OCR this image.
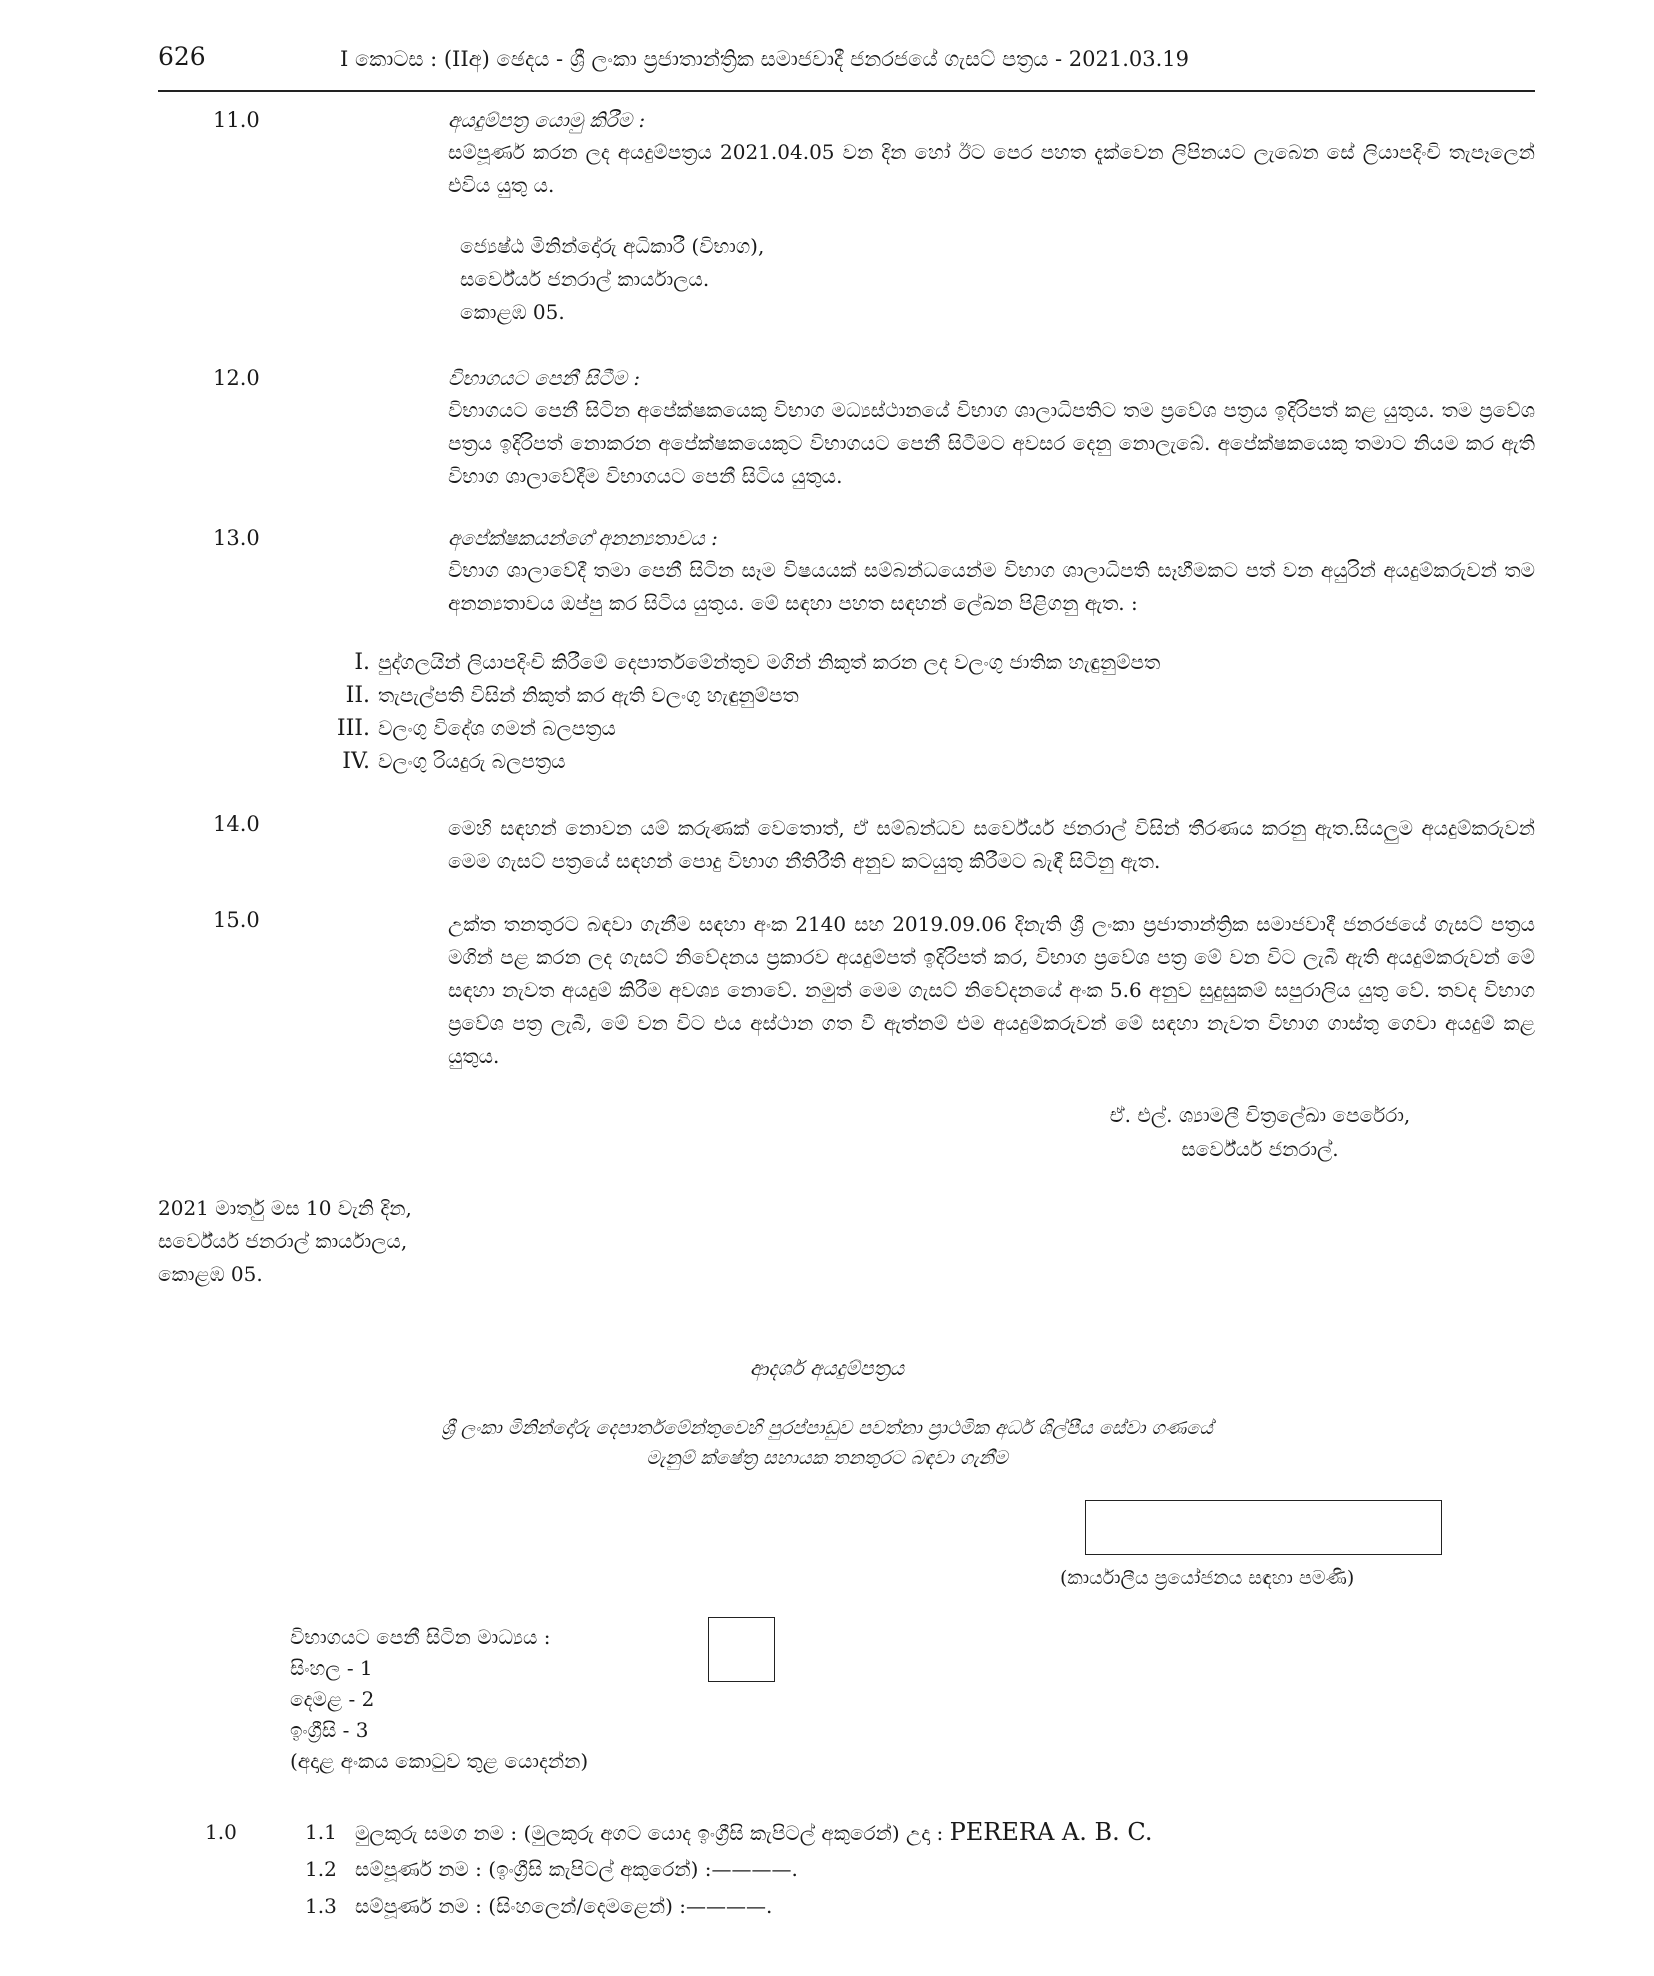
626	I කොටස : (IIඅ) ඡෙදය - ශ්‍රී ලංකා ප්‍රජාතාන්ත්‍රික සමාජවාදී ජනරජයේ ගැසට් පත්‍රය - 2021.03.19
11.0	අයදුම්පත්‍ර යොමු කිරීම :
සම්පූර්ණ කරන ලද අයදුම්පත්‍රය 2021.04.05 වන දින හෝ ඊට පෙර පහත දැක්වෙන ලිපිනයට ලැබෙන සේ ලියාපදිංචි තැපෑලෙන් එවිය යුතු ය.
ජ්‍යෙෂ්ඨ මිනින්දෝරු අධිකාරී (විභාග),
සර්වේයර් ජනරාල් කාර්යාලය.
කොළඹ 05.
12.0	විභාගයට පෙනී සිටීම :
විභාගයට පෙනී සිටින අපේක්ෂකයෙකු විභාග මධ්‍යස්ථානයේ විභාග ශාලාධිපතිට තම ප්‍රවේශ පත්‍රය ඉදිරිපත් කළ යුතුය. තම ප්‍රවේශ පත්‍රය ඉදිරිපත් නොකරන අපේක්ෂකයෙකුට විභාගයට පෙනී සිටීමට අවසර දෙනු නොලැබේ. අපේක්ෂකයෙකු තමාට නියම කර ඇති විභාග ශාලාවේදීම විභාගයට පෙනී සිටිය යුතුය.
13.0	අපේක්ෂකයන්ගේ අනන්‍යතාවය :
විභාග ශාලාවේදී තමා පෙනී සිටින සෑම විෂයයක් සම්බන්ධයෙන්ම විභාග ශාලාධිපති සෑහීමකට පත් වන අයුරින් අයදුම්කරුවන් තම අනන්‍යතාවය ඔප්පු කර සිටිය යුතුය. මේ සඳහා පහත සඳහන් ලේඛන පිළිගනු ඇත. :
I. පුද්ගලයින් ලියාපදිංචි කිරීමේ දෙපාර්තමේන්තුව මගින් නිකුත් කරන ලද වලංගු ජාතික හැඳුනුම්පත
II. තැපැල්පති විසින් නිකුත් කර ඇති වලංගු හැඳුනුම්පත
III. වලංගු විදේශ ගමන් බලපත්‍රය
IV. වලංගු රියදුරු බලපත්‍රය
14.0	මෙහි සඳහන් නොවන යම් කරුණක් වෙතොත්, ඒ සම්බන්ධව සර්වේයර් ජනරාල් විසින් තීරණය කරනු ඇත.සියලුම අයදුම්කරුවන් මෙම ගැසට් පත්‍රයේ සඳහන් පොදු විභාග නීතිරීති අනුව කටයුතු කිරීමට බැඳී සිටිනු ඇත.
15.0	උක්ත තනතුරට බඳවා ගැනීම සඳහා අංක 2140 සහ 2019.09.06 දිනැති ශ්‍රී ලංකා ප්‍රජාතාන්ත්‍රික සමාජවාදී ජනරජයේ ගැසට් පත්‍රය මගින් පළ කරන ලද ගැසට් නිවේදනය ප්‍රකාරව අයදුම්පත් ඉදිරිපත් කර, විභාග ප්‍රවේශ පත්‍ර මේ වන විට ලැබී ඇති අයදුම්කරුවන් මේ සඳහා නැවත අයදුම් කිරීම අවශ්‍ය නොවේ. නමුත් මෙම ගැසට් නිවේදනයේ අංක 5.6 අනුව සුදුසුකම් සපුරාලිය යුතු වේ. තවද විභාග ප්‍රවේශ පත්‍ර ලැබී, මේ වන විට එය අස්ථාන ගත වී ඇත්නම් එම අයදුම්කරුවන් මේ සඳහා නැවත විභාග ගාස්තු ගෙවා අයදුම් කළ යුතුය.
ඒ. එල්. ශ්‍යාමලී චිත්‍රලේඛා පෙරේරා,
සර්වේයර් ජනරාල්.
2021 මාර්තු මස 10 වැනි දින,
සර්වේයර් ජනරාල් කාර්යාලය,
කොළඹ 05.
ආදර්ශ අයදුම්පත්‍රය
ශ්‍රී ලංකා මිනින්දෝරු දෙපාර්තමේන්තුවෙහි පුරප්පාඩුව පවත්නා ප්‍රාථමික අර්ධ ශිල්පීය සේවා ගණයේ
මැනුම් ක්ෂේත්‍ර සහායක තනතුරට බඳවා ගැනීම
(කාර්යාලීය ප්‍රයෝජනය සඳහා පමණි)
විභාගයට පෙනී සිටින මාධ්‍යය :
සිංහල - 1
දෙමළ - 2
ඉංග්‍රීසි - 3
(අදාළ අංකය කොටුව තුළ යොදන්න)
1.0	1.1 මුලකුරු සමග නම : (මුලකුරු අගට යොද ඉංග්‍රීසි කැපිටල් අකුරෙන්) උදා : PERERA A. B. C.
1.2 සම්පූර්ණ නම : (ඉංග්‍රීසි කැපිටල් අකුරෙන්) :————.
1.3 සම්පූර්ණ නම : (සිංහලෙන්/දෙමළෙන්) :————.
